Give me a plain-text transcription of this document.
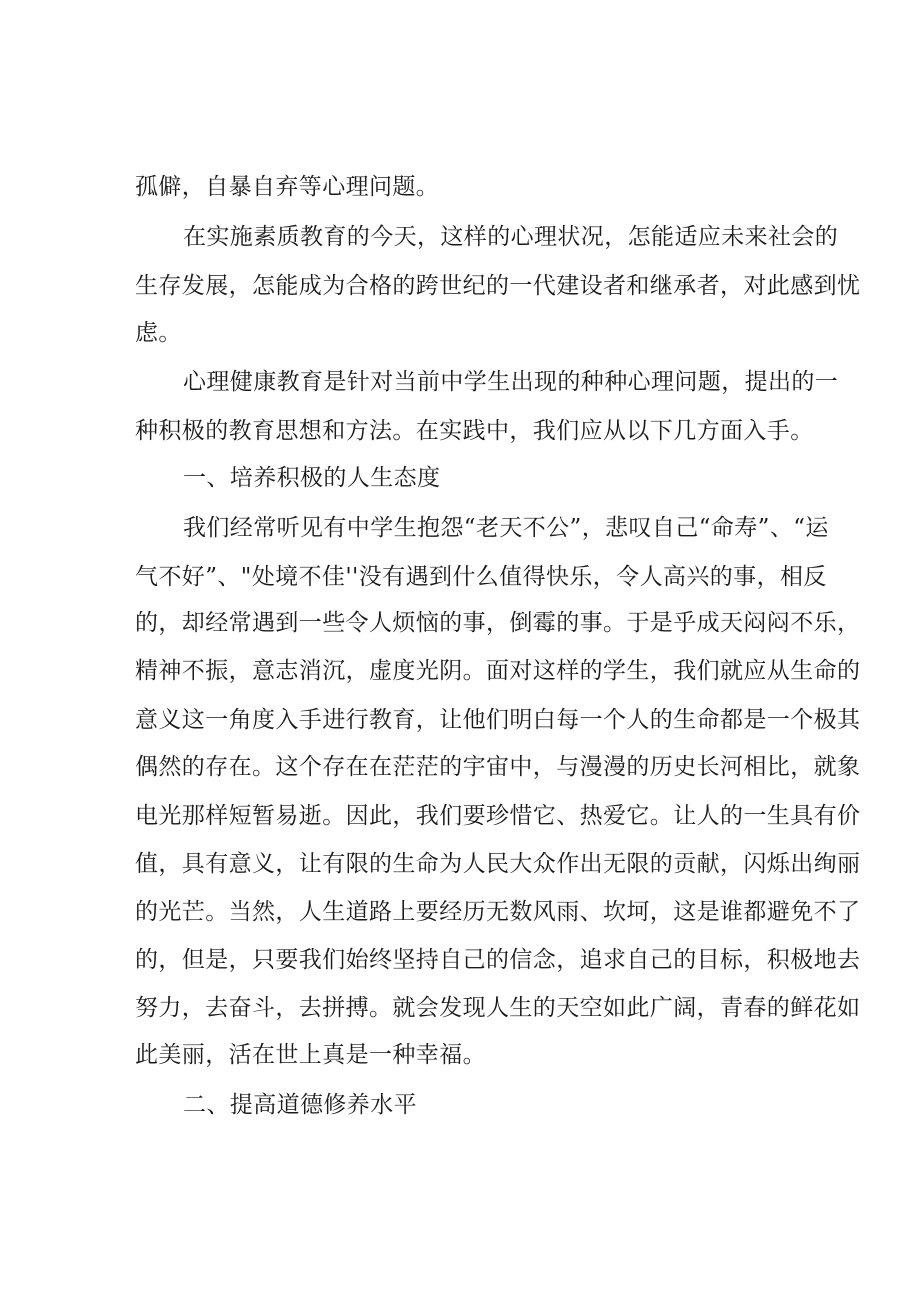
孤僻，自暴自弃等心理问题。
在实施素质教育的今天，这样的心理状况，怎能适应未来社会的
生存发展，怎能成为合格的跨世纪的一代建设者和继承者，对此感到忧
虑。
心理健康教育是针对当前中学生出现的种种心理问题，提出的一
种积极的教育思想和方法。在实践中，我们应从以下几方面入手。
一、培养积极的人生态度
我们经常听见有中学生抱怨“老天不公”，悲叹自己“命寿”、“运
气不好”、"处境不佳''没有遇到什么值得快乐，令人高兴的事，相反
的，却经常遇到一些令人烦恼的事，倒霉的事。于是乎成天闷闷不乐，
精神不振，意志消沉，虚度光阴。面对这样的学生，我们就应从生命的
意义这一角度入手进行教育，让他们明白每一个人的生命都是一个极其
偶然的存在。这个存在在茫茫的宇宙中，与漫漫的历史长河相比，就象
电光那样短暂易逝。因此，我们要珍惜它、热爱它。让人的一生具有价
值，具有意义，让有限的生命为人民大众作出无限的贡献，闪烁出绚丽
的光芒。当然，人生道路上要经历无数风雨、坎坷，这是谁都避免不了
的，但是，只要我们始终坚持自己的信念，追求自己的目标，积极地去
努力，去奋斗，去拼搏。就会发现人生的天空如此广阔，青春的鲜花如
此美丽，活在世上真是一种幸福。
二、提高道德修养水平
